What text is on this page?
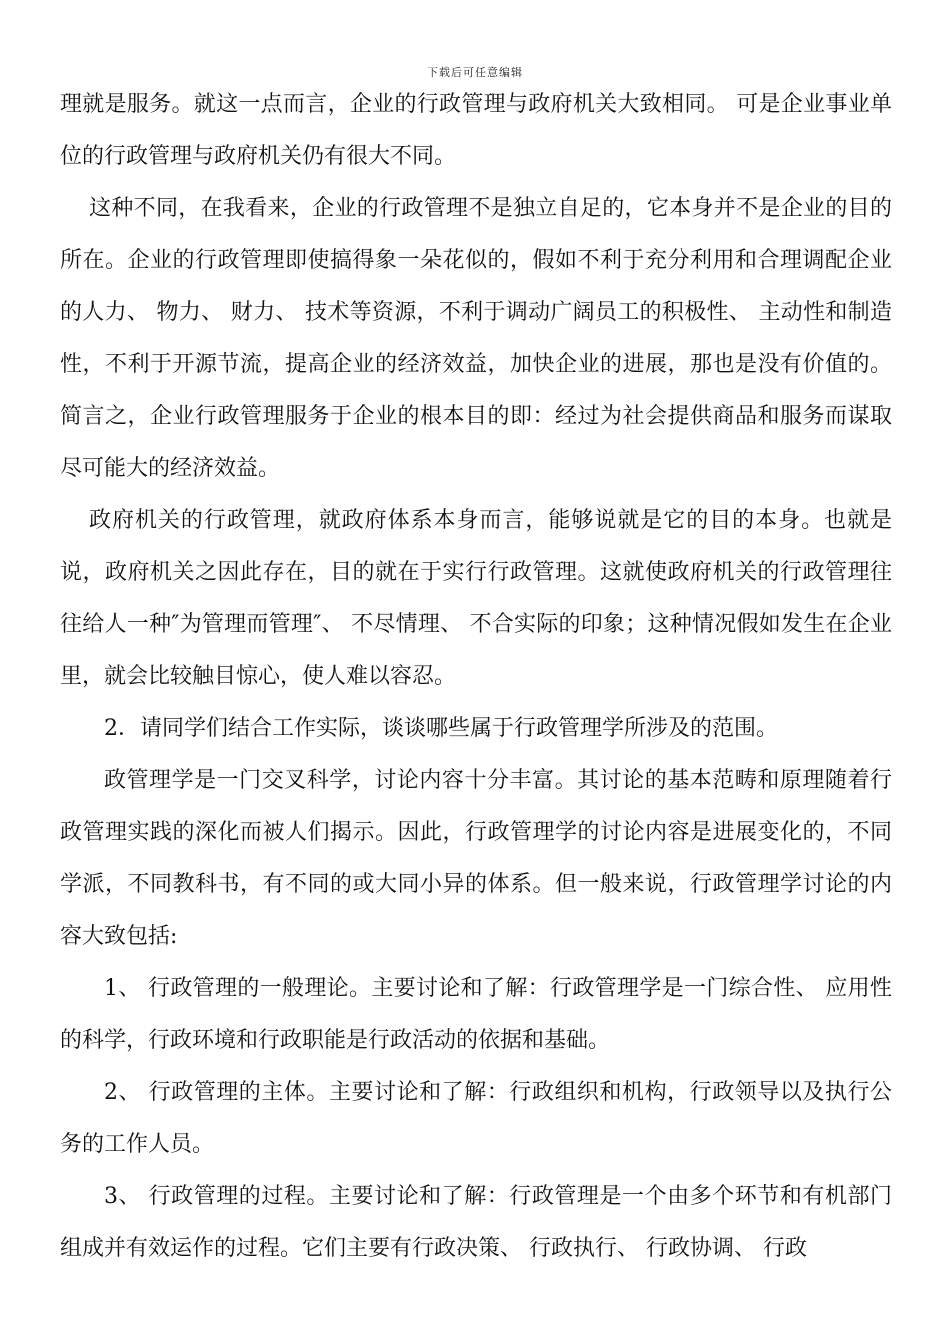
下载后可任意编辑

理就是服务。就这一点而言，企业的行政管理与政府机关大致相同。 可是企业事业单位的行政管理与政府机关仍有很大不同。

这种不同，在我看来，企业的行政管理不是独立自足的，它本身并不是企业的目的所在。企业的行政管理即使搞得象一朵花似的，假如不利于充分利用和合理调配企业的人力、 物力、 财力、 技术等资源，不利于调动广阔员工的积极性、 主动性和制造性，不利于开源节流，提高企业的经济效益，加快企业的进展，那也是没有价值的。简言之，企业行政管理服务于企业的根本目的即：经过为社会提供商品和服务而谋取尽可能大的经济效益。

政府机关的行政管理，就政府体系本身而言，能够说就是它的目的本身。也就是说，政府机关之因此存在，目的就在于实行行政管理。这就使政府机关的行政管理往往给人一种″为管理而管理″、 不尽情理、 不合实际的印象；这种情况假如发生在企业里，就会比较触目惊心，使人难以容忍。

2．请同学们结合工作实际，谈谈哪些属于行政管理学所涉及的范围。

政管理学是一门交叉科学，讨论内容十分丰富。其讨论的基本范畴和原理随着行政管理实践的深化而被人们揭示。因此，行政管理学的讨论内容是进展变化的，不同学派，不同教科书，有不同的或大同小异的体系。但一般来说，行政管理学讨论的内容大致包括:

1、 行政管理的一般理论。主要讨论和了解：行政管理学是一门综合性、 应用性的科学，行政环境和行政职能是行政活动的依据和基础。

2、 行政管理的主体。主要讨论和了解：行政组织和机构，行政领导以及执行公务的工作人员。

3、 行政管理的过程。主要讨论和了解：行政管理是一个由多个环节和有机部门组成并有效运作的过程。它们主要有行政决策、 行政执行、 行政协调、 行政
